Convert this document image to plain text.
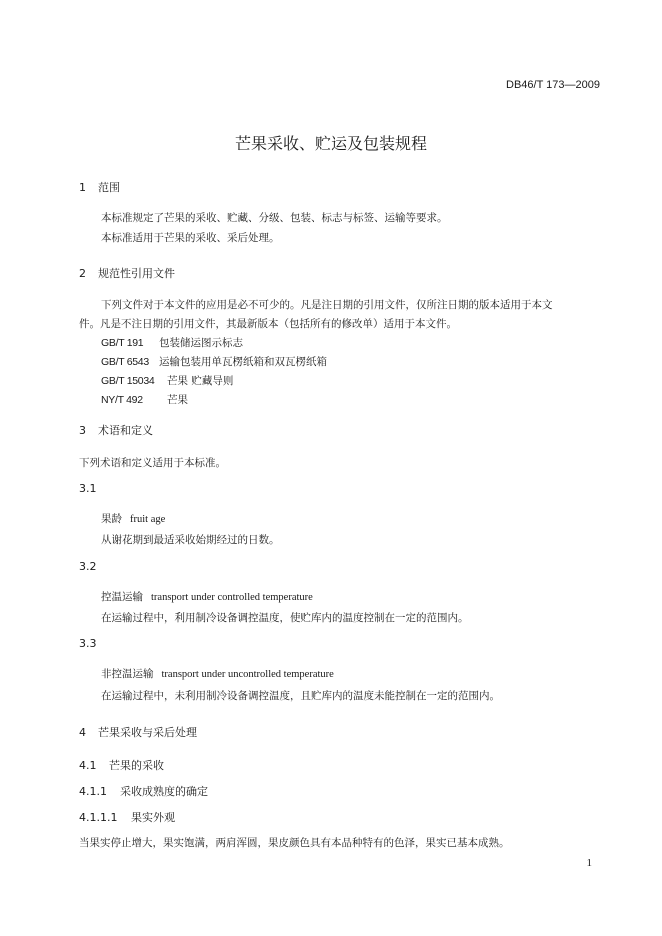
DB46/T 173—2009
芒果采收、贮运及包装规程
1 范围
本标准规定了芒果的采收、贮藏、分级、包装、标志与标签、运输等要求。
本标准适用于芒果的采收、采后处理。
2 规范性引用文件
下列文件对于本文件的应用是必不可少的。凡是注日期的引用文件，仅所注日期的版本适用于本文
件。凡是不注日期的引用文件，其最新版本（包括所有的修改单）适用于本文件。
GB/T 191 包装储运图示标志
GB/T 6543 运输包装用单瓦楞纸箱和双瓦楞纸箱
GB/T 15034 芒果 贮藏导则
NY/T 492 芒果
3 术语和定义
下列术语和定义适用于本标准。
3.1
果龄 fruit age
从谢花期到最适采收始期经过的日数。
3.2
控温运输 transport under controlled temperature
在运输过程中，利用制冷设备调控温度，使贮库内的温度控制在一定的范围内。
3.3
非控温运输 transport under uncontrolled temperature
在运输过程中，未利用制冷设备调控温度，且贮库内的温度未能控制在一定的范围内。
4 芒果采收与采后处理
4.1 芒果的采收
4.1.1 采收成熟度的确定
4.1.1.1 果实外观
当果实停止增大，果实饱满，两肩浑圆，果皮颜色具有本品种特有的色泽，果实已基本成熟。
1
